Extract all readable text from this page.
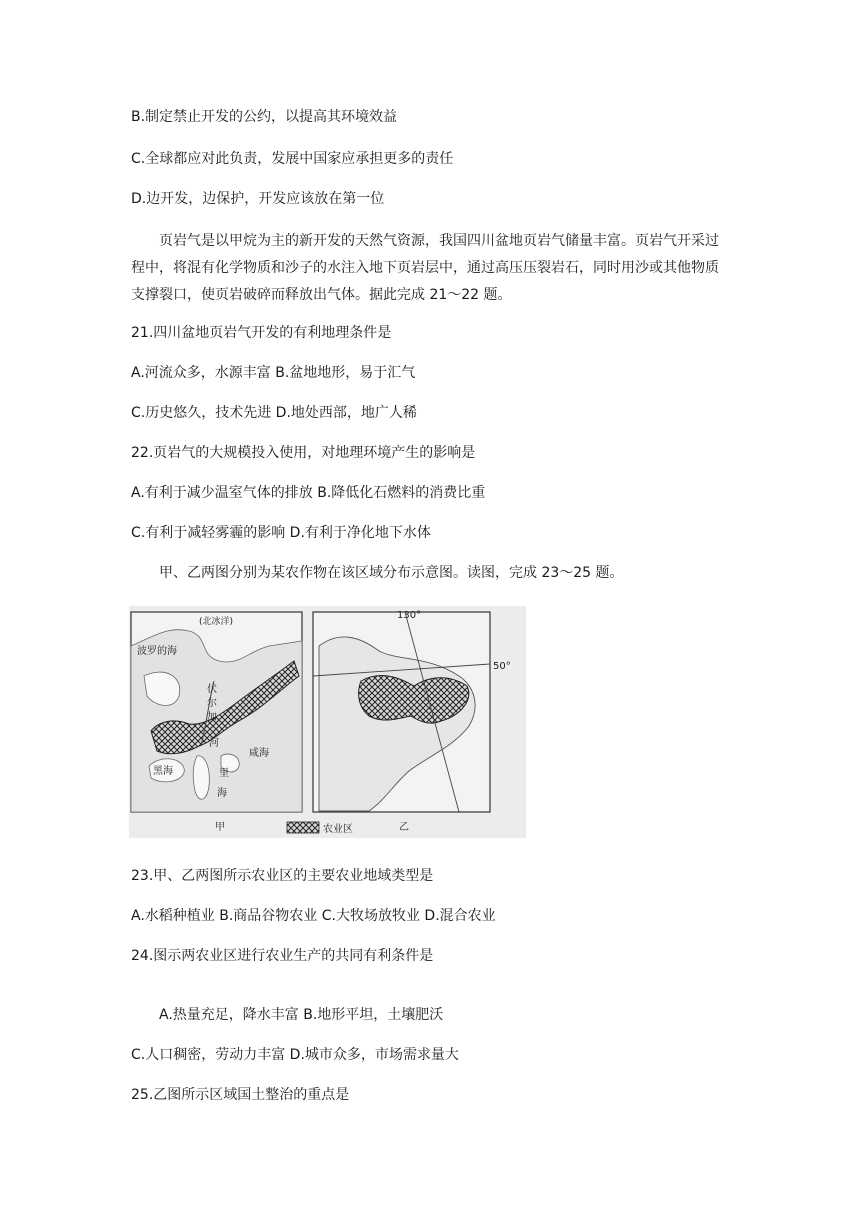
B.制定禁止开发的公约，以提高其环境效益
C.全球都应对此负责，发展中国家应承担更多的责任
D.边开发，边保护，开发应该放在第一位
页岩气是以甲烷为主的新开发的天然气资源，我国四川盆地页岩气储量丰富。页岩气开采过程中，将混有化学物质和沙子的水注入地下页岩层中，通过高压压裂岩石，同时用沙或其他物质支撑裂口，使页岩破碎而释放出气体。据此完成 21～22 题。
21.四川盆地页岩气开发的有利地理条件是
A.河流众多，水源丰富 B.盆地地形，易于汇气
C.历史悠久，技术先进 D.地处西部，地广人稀
22.页岩气的大规模投入使用，对地理环境产生的影响是
A.有利于减少温室气体的排放 B.降低化石燃料的消费比重
C.有利于减轻雾霾的影响 D.有利于净化地下水体
甲、乙两图分别为某农作物在该区域分布示意图。读图，完成 23～25 题。
(北冰洋)
波罗的海
伏
尔
加
河
黑海	里
海
咸海
甲
130°
50°
乙
农业区
23.甲、乙两图所示农业区的主要农业地域类型是
A.水稻种植业 B.商品谷物农业 C.大牧场放牧业 D.混合农业
24.图示两农业区进行农业生产的共同有利条件是
A.热量充足，降水丰富 B.地形平坦，土壤肥沃
C.人口稠密，劳动力丰富 D.城市众多，市场需求量大
25.乙图所示区域国土整治的重点是
